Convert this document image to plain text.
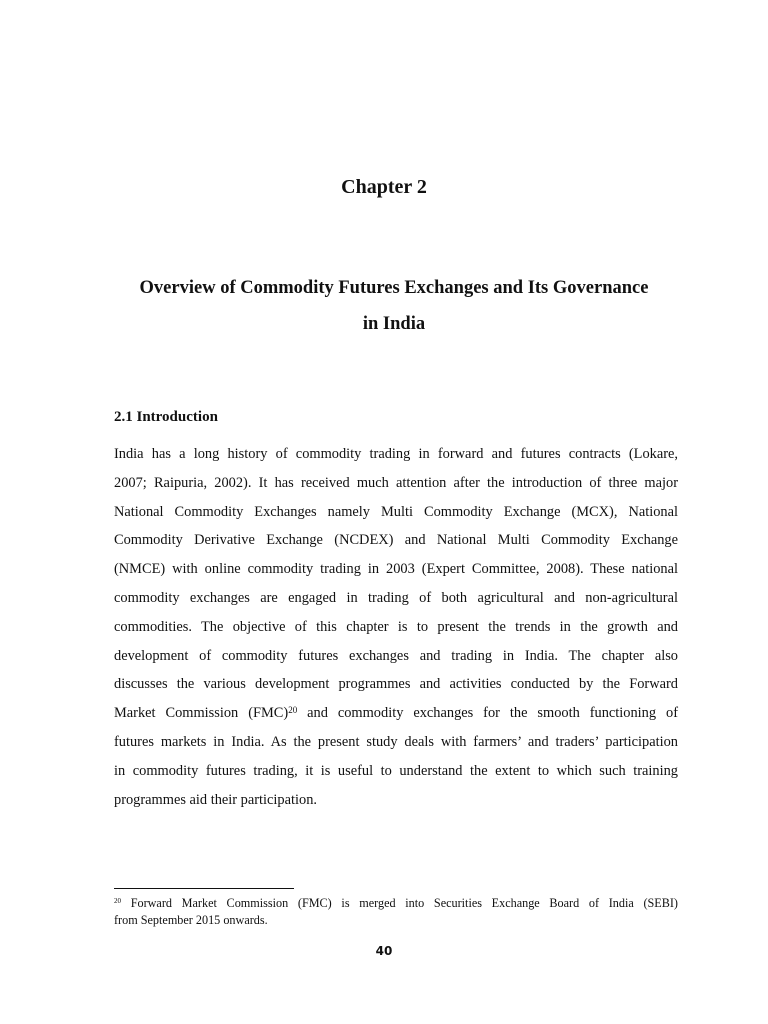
Chapter 2
Overview of Commodity Futures Exchanges and Its Governance
in India
2.1 Introduction
India has a long history of commodity trading in forward and futures contracts (Lokare,
2007; Raipuria, 2002). It has received much attention after the introduction of three major
National Commodity Exchanges namely Multi Commodity Exchange (MCX), National
Commodity Derivative Exchange (NCDEX) and National Multi Commodity Exchange
(NMCE) with online commodity trading in 2003 (Expert Committee, 2008). These national
commodity exchanges are engaged in trading of both agricultural and non-agricultural
commodities. The objective of this chapter is to present the trends in the growth and
development of commodity futures exchanges and trading in India. The chapter also
discusses the various development programmes and activities conducted by the Forward
Market Commission (FMC)$^{20}$ and commodity exchanges for the smooth functioning of
futures markets in India. As the present study deals with farmers’ and traders’ participation
in commodity futures trading, it is useful to understand the extent to which such training
programmes aid their participation.
$^{20}$ Forward Market Commission (FMC) is merged into Securities Exchange Board of India (SEBI)
from September 2015 onwards.
40
